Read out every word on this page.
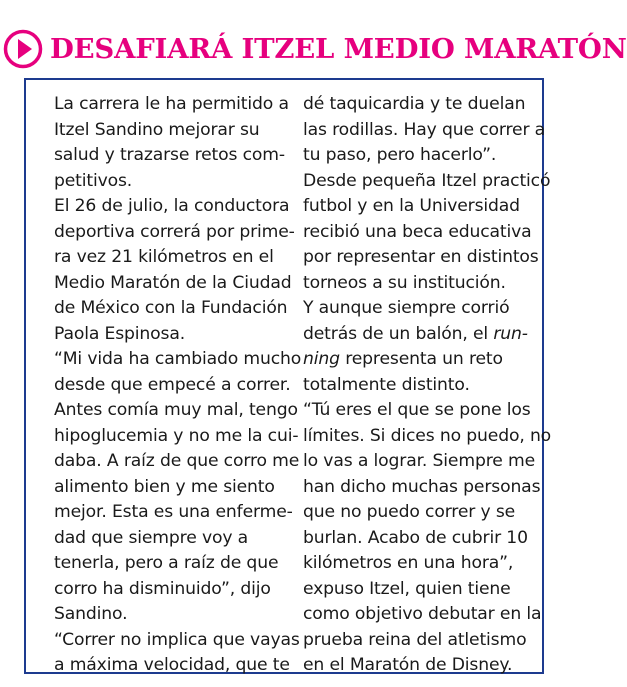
DESAFIARÁ ITZEL MEDIO MARATÓN

La carrera le ha permitido a
Itzel Sandino mejorar su
salud y trazarse retos com-
petitivos.

El 26 de julio, la conductora
deportiva correrá por prime-
ra vez 21 kilómetros en el
Medio Maratón de la Ciudad
de México con la Fundación
Paola Espinosa.

“Mi vida ha cambiado mucho
desde que empecé a correr.
Antes comía muy mal, tengo
hipoglucemia y no me la cui-
daba. A raíz de que corro me
alimento bien y me siento
mejor. Esta es una enferme-
dad que siempre voy a
tenerla, pero a raíz de que
corro ha disminuido”, dijo
Sandino.

“Correr no implica que vayas
a máxima velocidad, que te

dé taquicardia y te duelan
las rodillas. Hay que correr a
tu paso, pero hacerlo”.

Desde pequeña Itzel practicó
futbol y en la Universidad
recibió una beca educativa
por representar en distintos
torneos a su institución.

Y aunque siempre corrió
detrás de un balón, el run-
ning representa un reto
totalmente distinto.

“Tú eres el que se pone los
límites. Si dices no puedo, no
lo vas a lograr. Siempre me
han dicho muchas personas
que no puedo correr y se
burlan. Acabo de cubrir 10
kilómetros en una hora”,
expuso Itzel, quien tiene
como objetivo debutar en la
prueba reina del atletismo
en el Maratón de Disney.
